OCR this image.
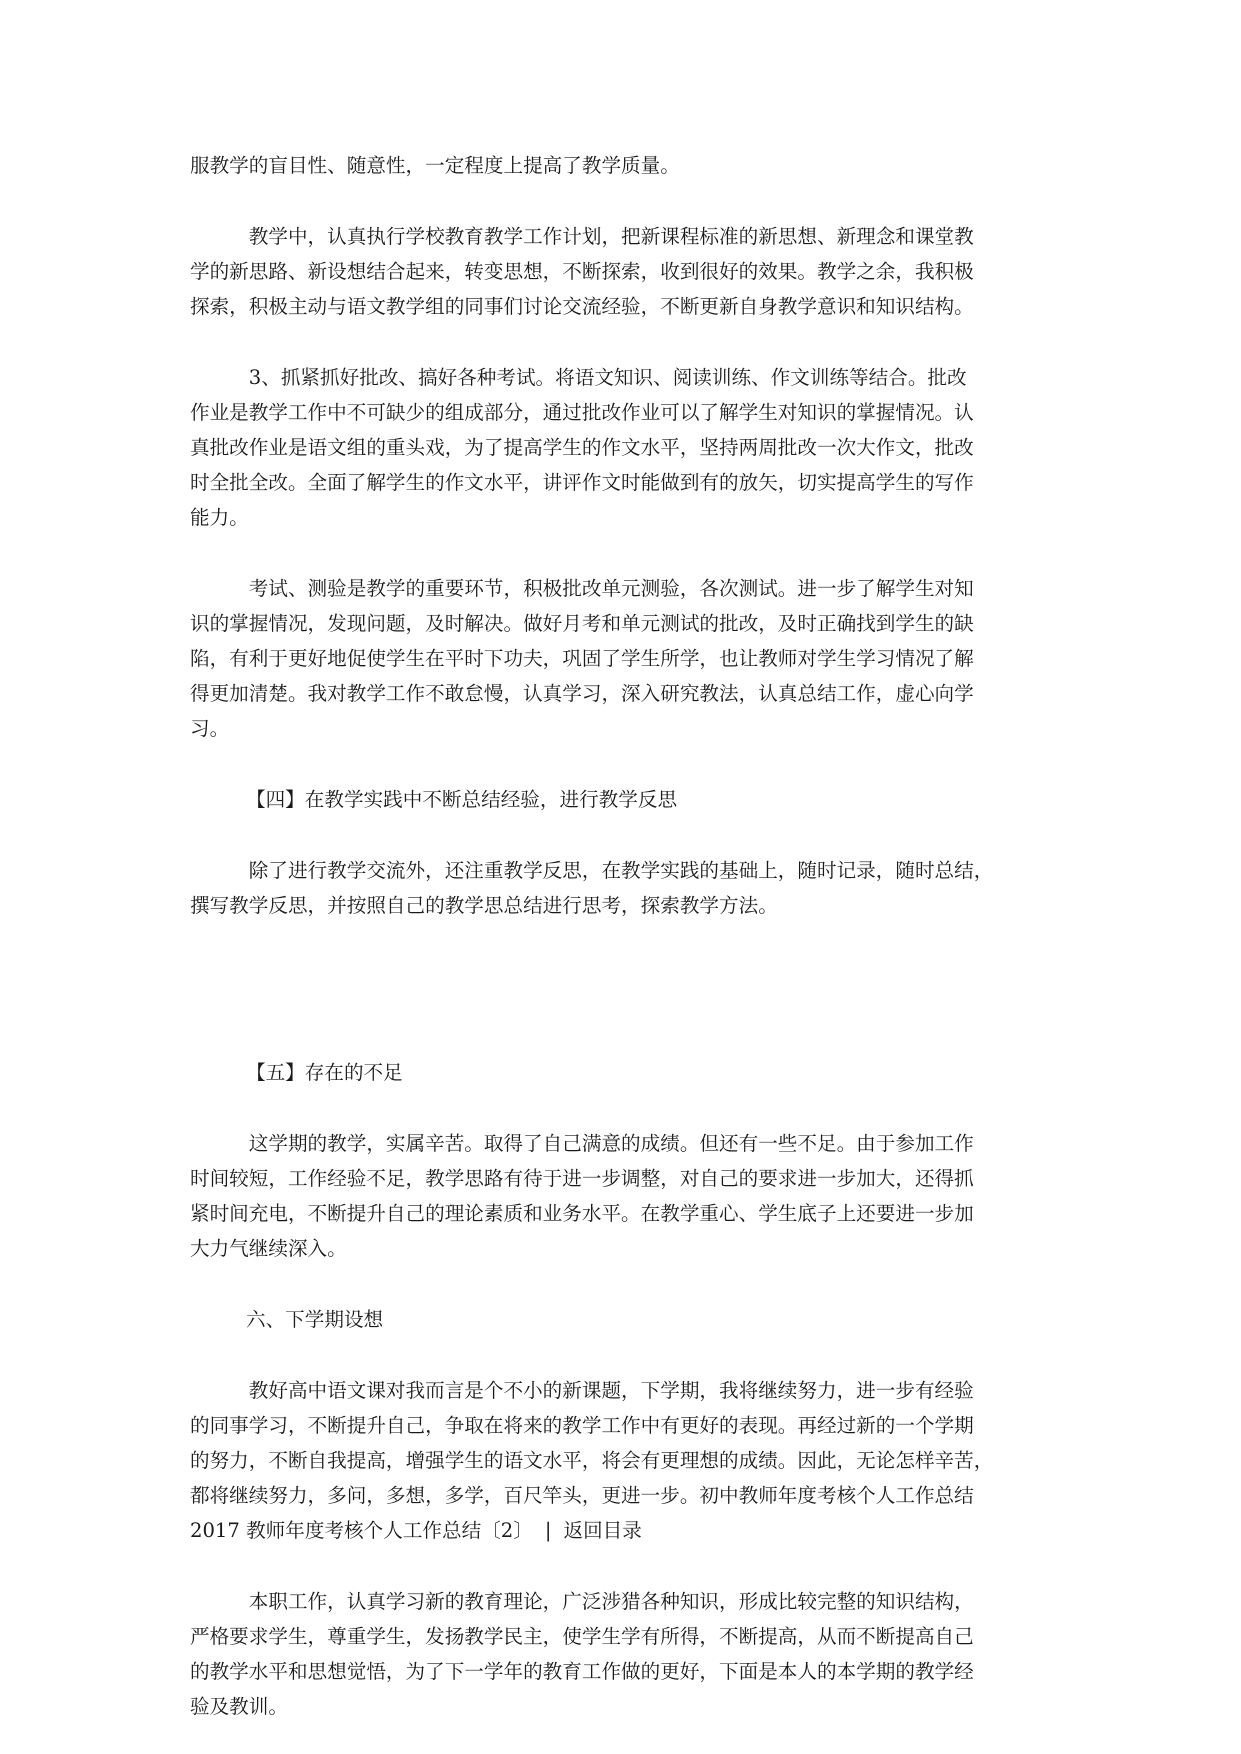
服教学的盲目性、随意性，一定程度上提高了教学质量。

　　　教学中，认真执行学校教育教学工作计划，把新课程标准的新思想、新理念和课堂教
学的新思路、新设想结合起来，转变思想，不断探索，收到很好的效果。教学之余，我积极
探索，积极主动与语文教学组的同事们讨论交流经验，不断更新自身教学意识和知识结构。

　　　3、抓紧抓好批改、搞好各种考试。将语文知识、阅读训练、作文训练等结合。批改
作业是教学工作中不可缺少的组成部分，通过批改作业可以了解学生对知识的掌握情况。认
真批改作业是语文组的重头戏，为了提高学生的作文水平，坚持两周批改一次大作文，批改
时全批全改。全面了解学生的作文水平，讲评作文时能做到有的放矢，切实提高学生的写作
能力。

　　　考试、测验是教学的重要环节，积极批改单元测验，各次测试。进一步了解学生对知
识的掌握情况，发现问题，及时解决。做好月考和单元测试的批改，及时正确找到学生的缺
陷，有利于更好地促使学生在平时下功夫，巩固了学生所学，也让教师对学生学习情况了解
得更加清楚。我对教学工作不敢怠慢，认真学习，深入研究教法，认真总结工作，虚心向学
习。

【四】在教学实践中不断总结经验，进行教学反思

　　　除了进行教学交流外，还注重教学反思，在教学实践的基础上，随时记录，随时总结，
撰写教学反思，并按照自己的教学思总结进行思考，探索教学方法。

【五】存在的不足

　　　这学期的教学，实属辛苦。取得了自己满意的成绩。但还有一些不足。由于参加工作
时间较短，工作经验不足，教学思路有待于进一步调整，对自己的要求进一步加大，还得抓
紧时间充电，不断提升自己的理论素质和业务水平。在教学重心、学生底子上还要进一步加
大力气继续深入。

六、下学期设想

　　　教好高中语文课对我而言是个不小的新课题，下学期，我将继续努力，进一步有经验
的同事学习，不断提升自己，争取在将来的教学工作中有更好的表现。再经过新的一个学期
的努力，不断自我提高，增强学生的语文水平，将会有更理想的成绩。因此，无论怎样辛苦，
都将继续努力，多问，多想，多学，百尺竿头，更进一步。初中教师年度考核个人工作总结
2017 教师年度考核个人工作总结〔2〕 | 返回目录

　　　本职工作，认真学习新的教育理论，广泛涉猎各种知识，形成比较完整的知识结构，
严格要求学生，尊重学生，发扬教学民主，使学生学有所得，不断提高，从而不断提高自己
的教学水平和思想觉悟，为了下一学年的教育工作做的更好，下面是本人的本学期的教学经
验及教训。
